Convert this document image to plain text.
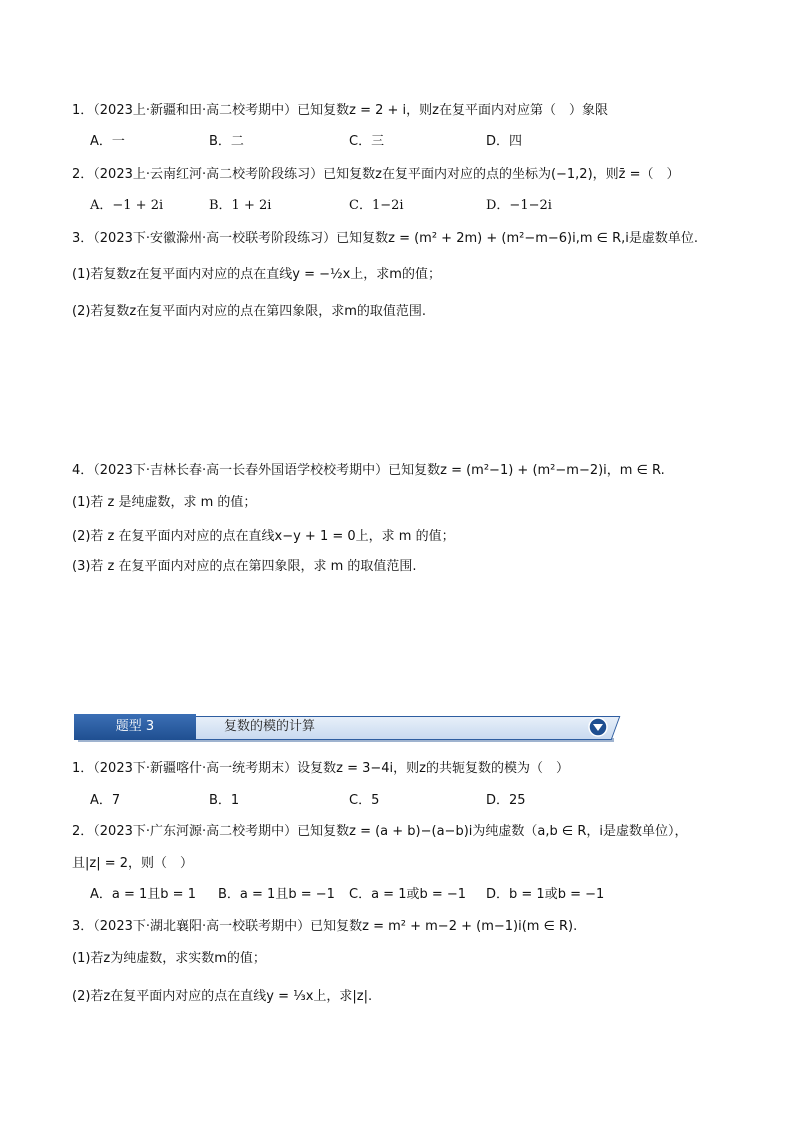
1．（2023上·新疆和田·高二校考期中）已知复数z = 2 + i，则z在复平面内对应第（　）象限
A．一	B．二	C．三	D．四
2．（2023上·云南红河·高二校考阶段练习）已知复数z在复平面内对应的点的坐标为(−1,2)，则z̄ =（　）
A．−1 + 2i	B．1 + 2i	C．1−2i	D．−1−2i
3．（2023下·安徽滁州·高一校联考阶段练习）已知复数z = (m² + 2m) + (m²−m−6)i,m ∈ R,i是虚数单位.
(1)若复数z在复平面内对应的点在直线y = −½x上，求m的值；
(2)若复数z在复平面内对应的点在第四象限，求m的取值范围.
4．（2023下·吉林长春·高一长春外国语学校校考期中）已知复数z = (m²−1) + (m²−m−2)i，m ∈ R.
(1)若 z 是纯虚数，求 m 的值；
(2)若 z 在复平面内对应的点在直线x−y + 1 = 0上，求 m 的值；
(3)若 z 在复平面内对应的点在第四象限，求 m 的取值范围.
题型 3	复数的模的计算
1．（2023下·新疆喀什·高一统考期末）设复数z = 3−4i，则z的共轭复数的模为（　）
A．7	B．1	C．5	D．25
2．（2023下·广东河源·高二校考期中）已知复数z = (a + b)−(a−b)i为纯虚数（a,b ∈ R，i是虚数单位），
且|z| = 2，则（　）
A．a = 1且b = 1 B．a = 1且b = −1 C．a = 1或b = −1 D．b = 1或b = −1
3．（2023下·湖北襄阳·高一校联考期中）已知复数z = m² + m−2 + (m−1)i(m ∈ R).
(1)若z为纯虚数，求实数m的值；
(2)若z在复平面内对应的点在直线y = ⅓x上，求|z|.
